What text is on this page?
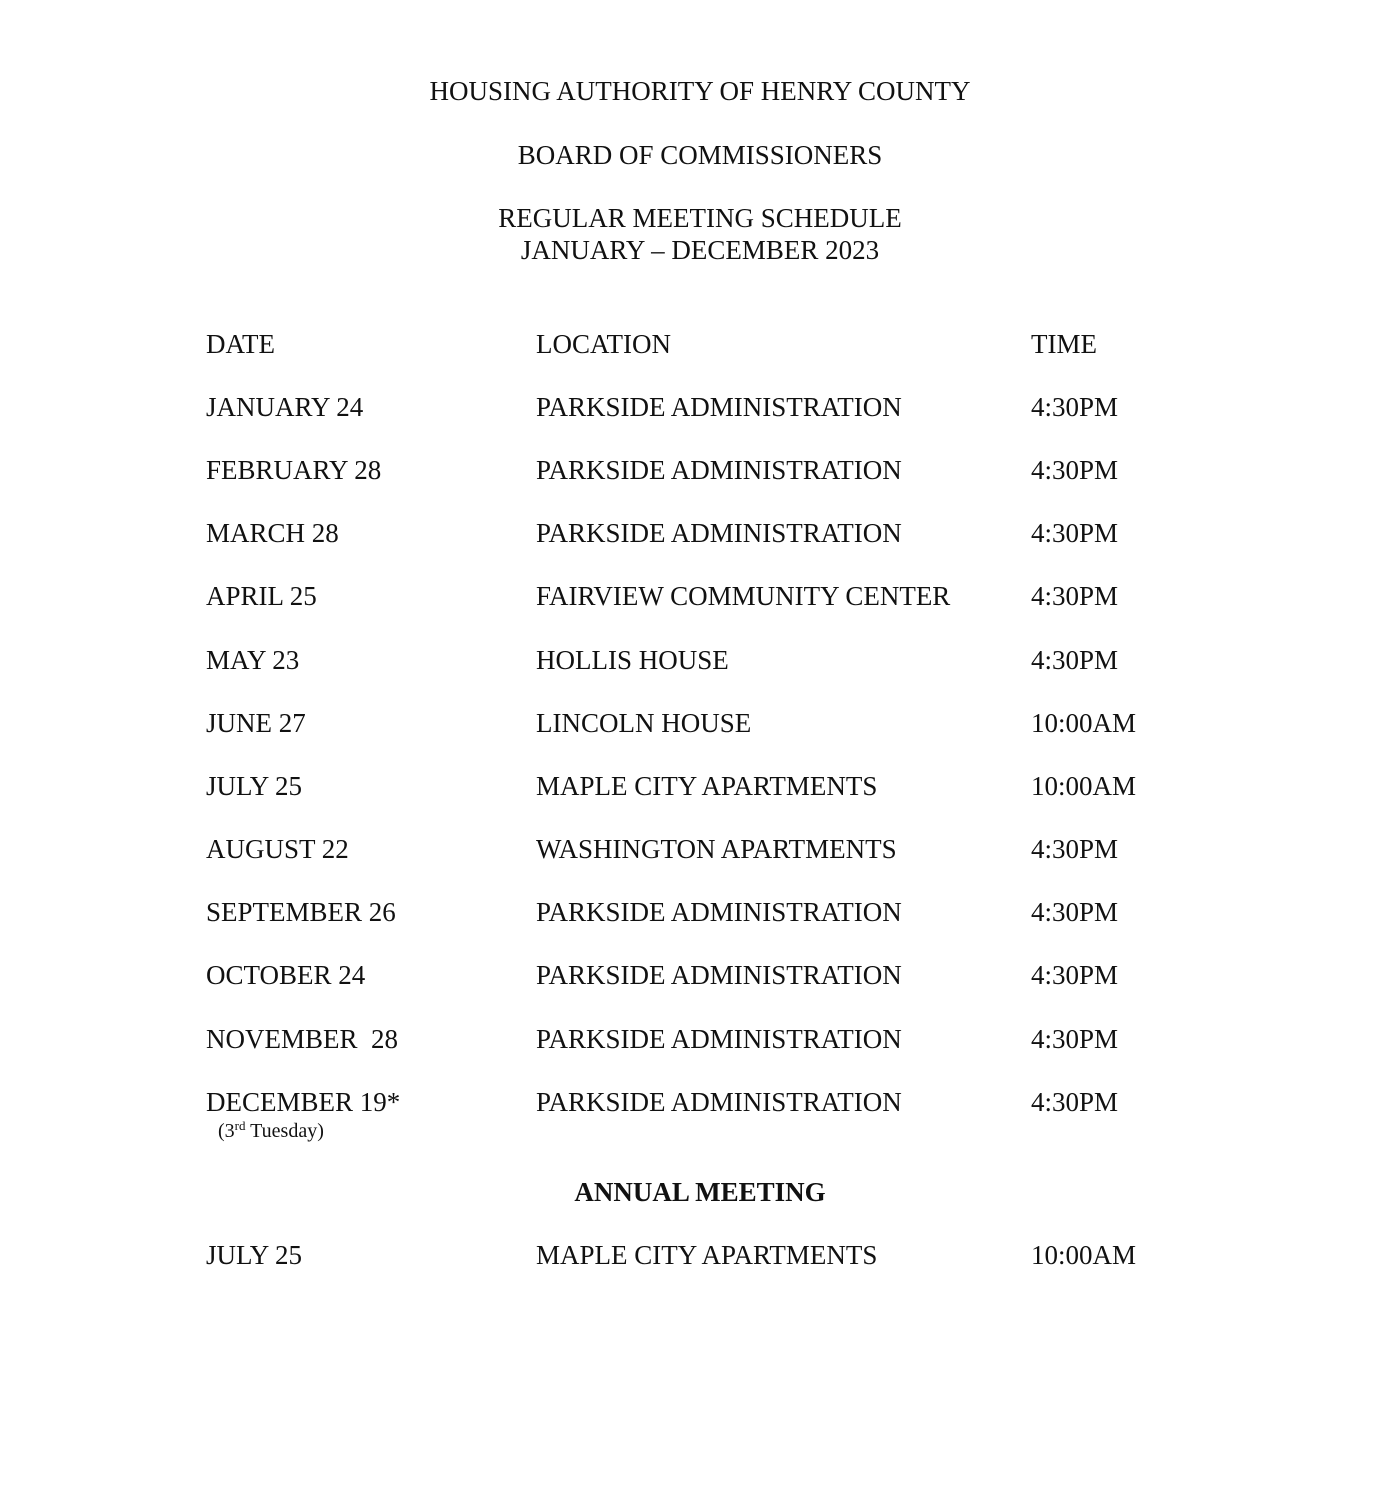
HOUSING AUTHORITY OF HENRY COUNTY
BOARD OF COMMISSIONERS
REGULAR MEETING SCHEDULE
JANUARY – DECEMBER 2023
DATE	LOCATION	TIME
JANUARY 24	PARKSIDE ADMINISTRATION	4:30PM
FEBRUARY 28	PARKSIDE ADMINISTRATION	4:30PM
MARCH 28	PARKSIDE ADMINISTRATION	4:30PM
APRIL 25	FAIRVIEW COMMUNITY CENTER	4:30PM
MAY 23	HOLLIS HOUSE	4:30PM
JUNE 27	LINCOLN HOUSE	10:00AM
JULY 25	MAPLE CITY APARTMENTS	10:00AM
AUGUST 22	WASHINGTON APARTMENTS	4:30PM
SEPTEMBER 26	PARKSIDE ADMINISTRATION	4:30PM
OCTOBER 24	PARKSIDE ADMINISTRATION	4:30PM
NOVEMBER  28	PARKSIDE ADMINISTRATION	4:30PM
DECEMBER 19*	PARKSIDE ADMINISTRATION	4:30PM
(3rd Tuesday)
ANNUAL MEETING
JULY 25	MAPLE CITY APARTMENTS	10:00AM
